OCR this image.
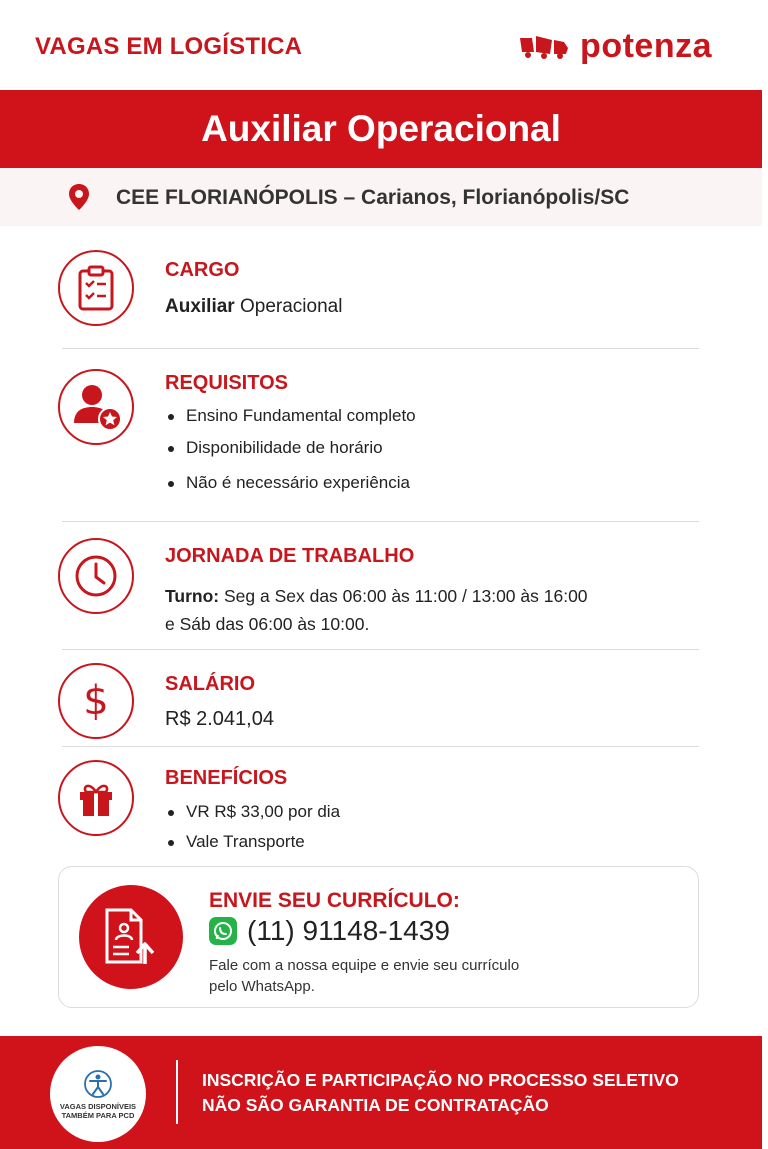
VAGAS EM LOGÍSTICA	potenza
Auxiliar Operacional
CEE FLORIANÓPOLIS – Carianos, Florianópolis/SC
CARGO
Auxiliar Operacional
REQUISITOS
Ensino Fundamental completo
Disponibilidade de horário
Não é necessário experiência
JORNADA DE TRABALHO
Turno: Seg a Sex das 06:00 às 11:00 / 13:00 às 16:00
e Sáb das 06:00 às 10:00.
$	SALÁRIO
R$ 2.041,04
BENEFÍCIOS
VR R$ 33,00 por dia
Vale Transporte
ENVIE SEU CURRÍCULO:
(11) 91148-1439
Fale com a nossa equipe e envie seu currículo pelo WhatsApp.
VAGAS DISPONÍVEIS TAMBÉM PARA PCD
INSCRIÇÃO E PARTICIPAÇÃO NO PROCESSO SELETIVO
NÃO SÃO GARANTIA DE CONTRATAÇÃO
